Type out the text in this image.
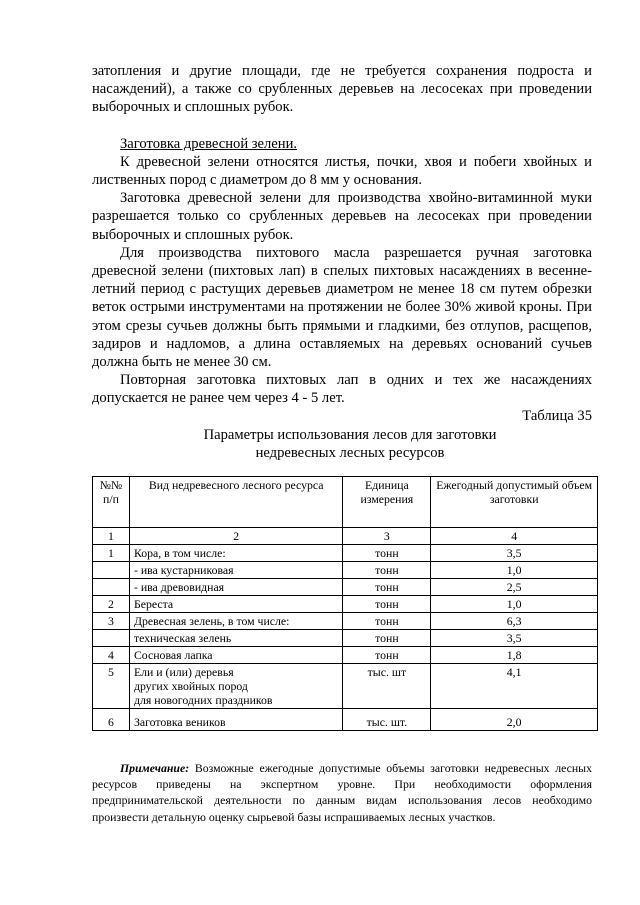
затопления и другие площади, где не требуется сохранения подроста и насаждений), а также со срубленных деревьев на лесосеках при проведении выборочных и сплошных рубок.

Заготовка древесной зелени.

К древесной зелени относятся листья, почки, хвоя и побеги хвойных и лиственных пород с диаметром до 8 мм у основания.

Заготовка древесной зелени для производства хвойно-витаминной муки разрешается только со срубленных деревьев на лесосеках при проведении выборочных и сплошных рубок.

Для производства пихтового масла разрешается ручная заготовка древесной зелени (пихтовых лап) в спелых пихтовых насаждениях в весенне-летний период с растущих деревьев диаметром не менее 18 см путем обрезки веток острыми инструментами на протяжении не более 30% живой кроны. При этом срезы сучьев должны быть прямыми и гладкими, без отлупов, расщепов, задиров и надломов, а длина оставляемых на деревьях оснований сучьев должна быть не менее 30 см.

Повторная заготовка пихтовых лап в одних и тех же насаждениях допускается не ранее чем через 4 - 5 лет.

Таблица 35
Параметры использования лесов для заготовки
недревесных лесных ресурсов
№№ п/п	Вид недревесного лесного ресурса	Единица измерения	Ежегодный допустимый объем заготовки
1	2	3	4
1	Кора, в том числе:	тонн	3,5
	- ива кустарниковая	тонн	1,0
	- ива древовидная	тонн	2,5
2	Береста	тонн	1,0
3	Древесная зелень, в том числе:	тонн	6,3
	техническая зелень	тонн	3,5
4	Сосновая лапка	тонн	1,8
5	Ели и (или) деревья
других хвойных пород
для новогодних праздников	тыс. шт	4,1
6	Заготовка веников	тыс. шт.	2,0

Примечание: Возможные ежегодные допустимые объемы заготовки недревесных лесных ресурсов приведены на экспертном уровне. При необходимости оформления предпринимательской деятельности по данным видам использования лесов необходимо произвести детальную оценку сырьевой базы испрашиваемых лесных участков.
